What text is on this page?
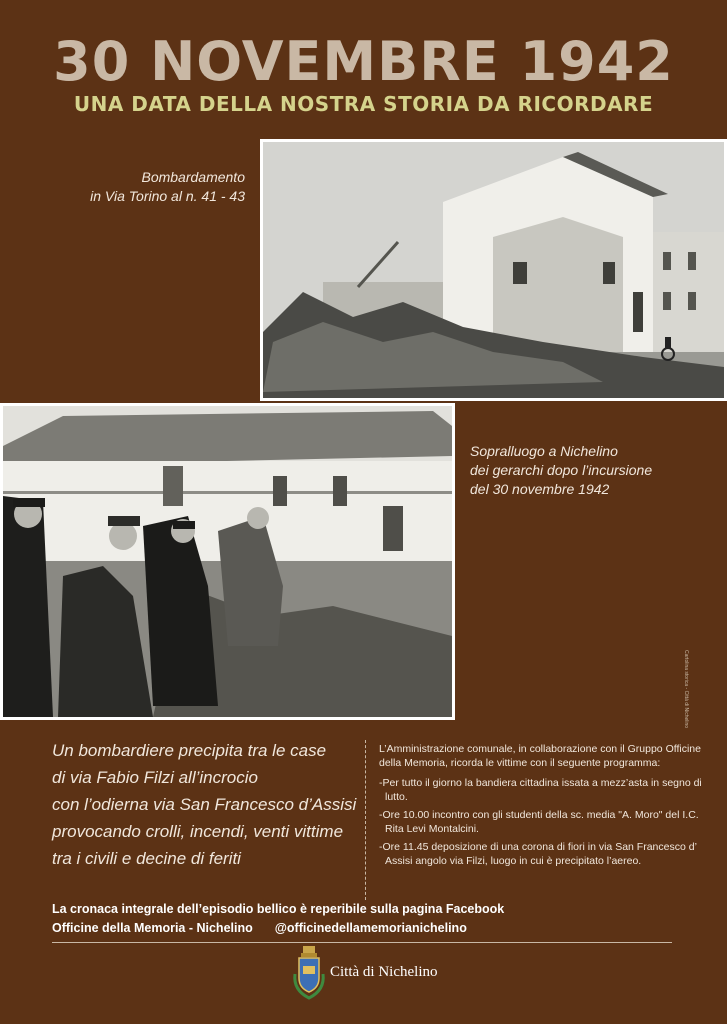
30 NOVEMBRE 1942
UNA DATA DELLA NOSTRA STORIA DA RICORDARE
Bombardamento
in Via Torino al n. 41 - 43
Sopralluogo a Nichelino
dei gerarchi dopo l’incursione
del 30 novembre 1942
Cartolina storica - Città di Nichelino
Un bombardiere precipita tra le case
di via Fabio Filzi all’incrocio
con l’odierna via San Francesco d’Assisi
provocando crolli, incendi, venti vittime
tra i civili e decine di feriti

L’Amministrazione comunale, in collaborazione con il Gruppo Officine della Memoria, ricorda le vittime con il seguente programma:

-Per tutto il giorno la bandiera cittadina issata a mezz’asta in segno di lutto.

-Ore 10.00 incontro con gli studenti della sc. media "A. Moro" del I.C. Rita Levi Montalcini.

-Ore 11.45 deposizione di una corona di fiori in via San Francesco d’ Assisi angolo via Filzi, luogo in cui è precipitato l’aereo.

La cronaca integrale dell’episodio bellico è reperibile sulla pagina Facebook
Officine della Memoria - Nichelino @officinedellamemorianichelino
Città di Nichelino
